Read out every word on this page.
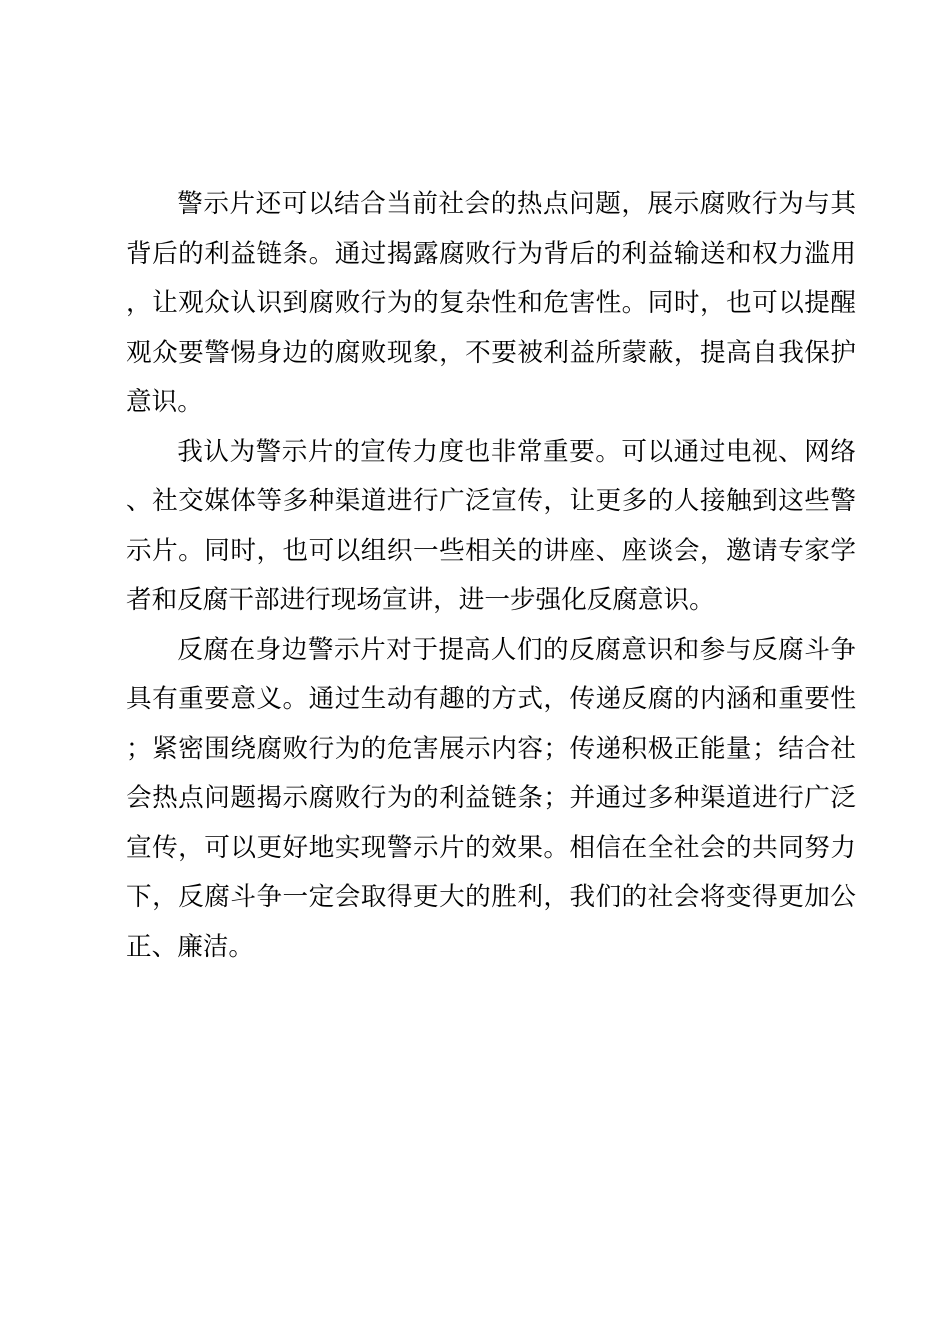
警示片还可以结合当前社会的热点问题，展示腐败行为与其背后的利益链条。通过揭露腐败行为背后的利益输送和权力滥用，让观众认识到腐败行为的复杂性和危害性。同时，也可以提醒观众要警惕身边的腐败现象，不要被利益所蒙蔽，提高自我保护意识。

我认为警示片的宣传力度也非常重要。可以通过电视、网络、社交媒体等多种渠道进行广泛宣传，让更多的人接触到这些警示片。同时，也可以组织一些相关的讲座、座谈会，邀请专家学者和反腐干部进行现场宣讲，进一步强化反腐意识。

反腐在身边警示片对于提高人们的反腐意识和参与反腐斗争具有重要意义。通过生动有趣的方式，传递反腐的内涵和重要性；紧密围绕腐败行为的危害展示内容；传递积极正能量；结合社会热点问题揭示腐败行为的利益链条；并通过多种渠道进行广泛宣传，可以更好地实现警示片的效果。相信在全社会的共同努力下，反腐斗争一定会取得更大的胜利，我们的社会将变得更加公正、廉洁。
